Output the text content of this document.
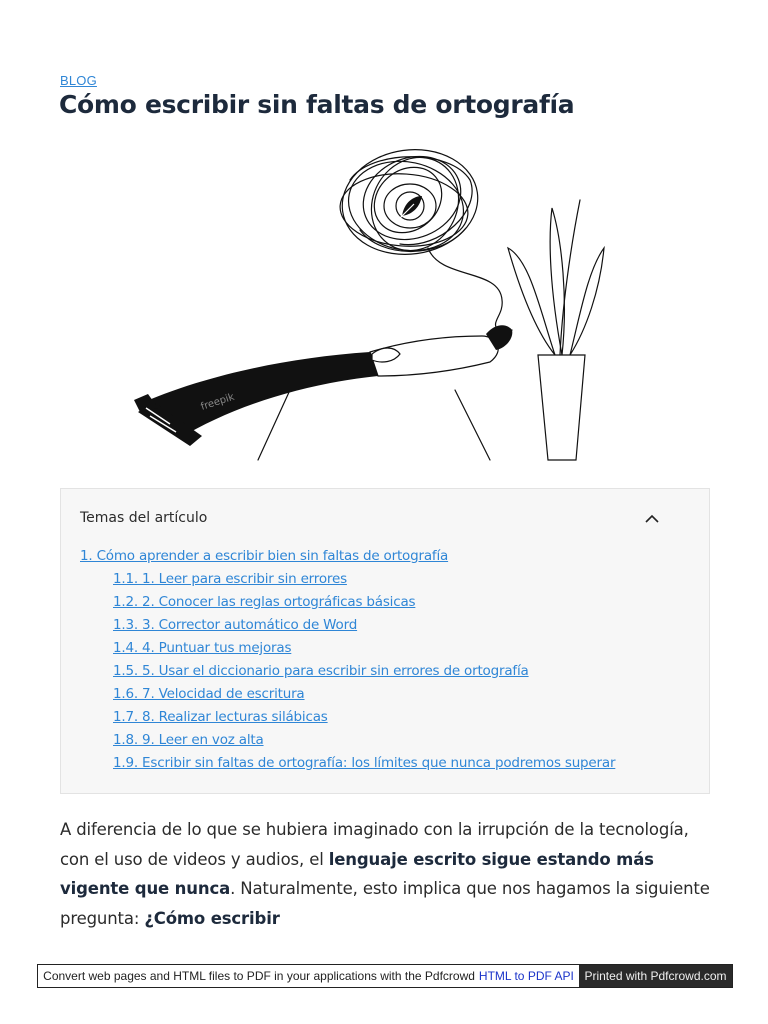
BLOG
Cómo escribir sin faltas de ortografía
freepik
Temas del artículo
1. Cómo aprender a escribir bien sin faltas de ortografía
1.1. 1. Leer para escribir sin errores
1.2. 2. Conocer las reglas ortográficas básicas
1.3. 3. Corrector automático de Word
1.4. 4. Puntuar tus mejoras
1.5. 5. Usar el diccionario para escribir sin errores de ortografía
1.6. 7. Velocidad de escritura
1.7. 8. Realizar lecturas silábicas
1.8. 9. Leer en voz alta
1.9. Escribir sin faltas de ortografía: los límites que nunca podremos superar

A diferencia de lo que se hubiera imaginado con la irrupción de la tecnología, con el uso de videos y audios, el lenguaje escrito sigue estando más vigente que nunca. Naturalmente, esto implica que nos hagamos la siguiente pregunta: ¿Cómo escribir

Convert web pages and HTML files to PDF in your applications with the Pdfcrowd HTML to PDF API Printed with Pdfcrowd.com
